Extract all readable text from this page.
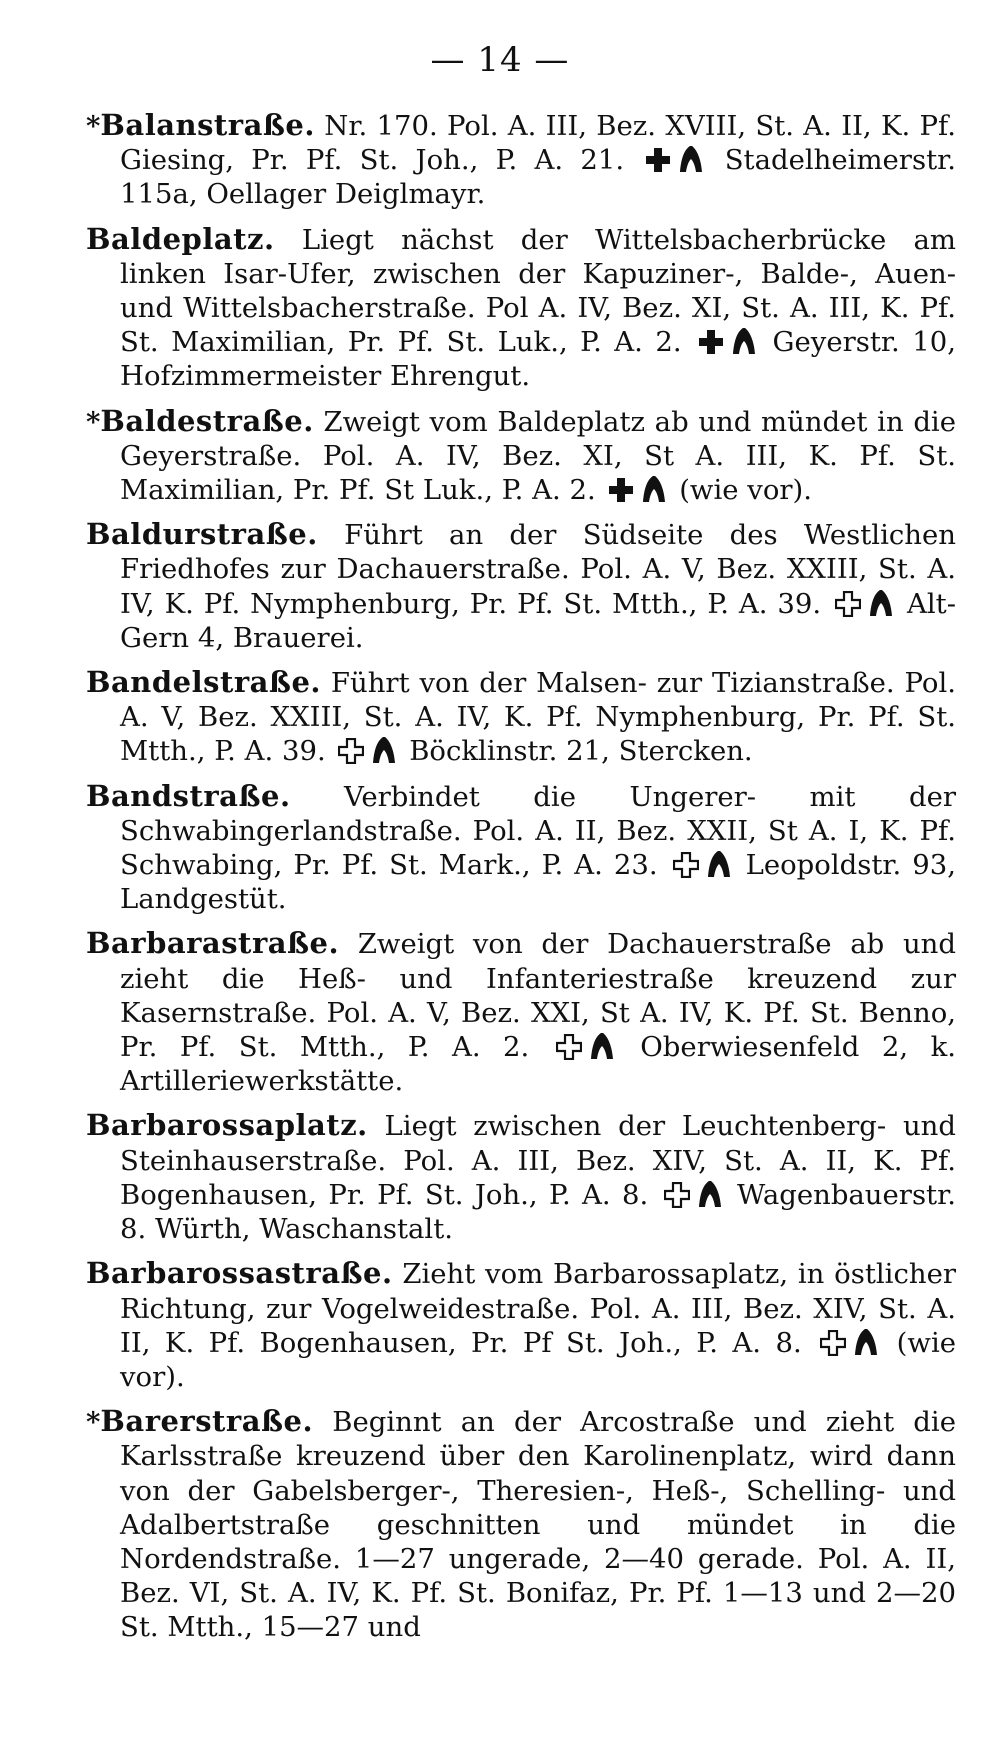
— 14 —

*Balanstraße. Nr. 170. Pol. A. III, Bez. XVIII, St. A. II, K. Pf. Giesing, Pr. Pf. St. Joh., P. A. 21.	Stadelheimerstr. 115a, Oellager Deiglmayr.

Baldeplatz. Liegt nächst der Wittelsbacherbrücke am linken Isar-Ufer, zwischen der Kapuziner-, Balde-, Auen- und Wittelsbacherstraße. Pol A. IV, Bez. XI, St. A. III, K. Pf. St. Maximilian, Pr. Pf. St. Luk., P. A. 2.	Geyerstr. 10, Hofzimmermeister Ehrengut.

*Baldestraße. Zweigt vom Baldeplatz ab und mündet in die Geyerstraße. Pol. A. IV, Bez. XI, St A. III, K. Pf. St. Maximilian, Pr. Pf. St Luk., P. A. 2.	(wie vor).

Baldurstraße. Führt an der Südseite des Westlichen Friedhofes zur Dachauerstraße. Pol. A. V, Bez. XXIII, St. A. IV, K. Pf. Nymphenburg, Pr. Pf. St. Mtth., P. A. 39.	Alt-Gern 4, Brauerei.

Bandelstraße. Führt von der Malsen- zur Tizianstraße. Pol. A. V, Bez. XXIII, St. A. IV, K. Pf. Nymphenburg, Pr. Pf. St. Mtth., P. A. 39.	Böcklinstr. 21, Stercken.

Bandstraße. Verbindet die Ungerer- mit der Schwabingerlandstraße. Pol. A. II, Bez. XXII, St A. I, K. Pf. Schwabing, Pr. Pf. St. Mark., P. A. 23.	Leopoldstr. 93, Landgestüt.

Barbarastraße. Zweigt von der Dachauerstraße ab und zieht die Heß- und Infanteriestraße kreuzend zur Kasernstraße. Pol. A. V, Bez. XXI, St A. IV, K. Pf. St. Benno, Pr. Pf. St. Mtth., P. A. 2.	Oberwiesenfeld 2, k. Artilleriewerkstätte.

Barbarossaplatz. Liegt zwischen der Leuchtenberg- und Steinhauserstraße. Pol. A. III, Bez. XIV, St. A. II, K. Pf. Bogenhausen, Pr. Pf. St. Joh., P. A. 8.	Wagenbauerstr. 8. Würth, Waschanstalt.

Barbarossastraße. Zieht vom Barbarossaplatz, in östlicher Richtung, zur Vogelweidestraße. Pol. A. III, Bez. XIV, St. A. II, K. Pf. Bogenhausen, Pr. Pf St. Joh., P. A. 8.	(wie vor).

*Barerstraße. Beginnt an der Arcostraße und zieht die Karlsstraße kreuzend über den Karolinenplatz, wird dann von der Gabelsberger-, Theresien-, Heß-, Schelling- und Adalbertstraße geschnitten und mündet in die Nordendstraße. 1—27 ungerade, 2—40 gerade. Pol. A. II, Bez. VI, St. A. IV, K. Pf. St. Bonifaz, Pr. Pf. 1—13 und 2—20 St. Mtth., 15—27 und
